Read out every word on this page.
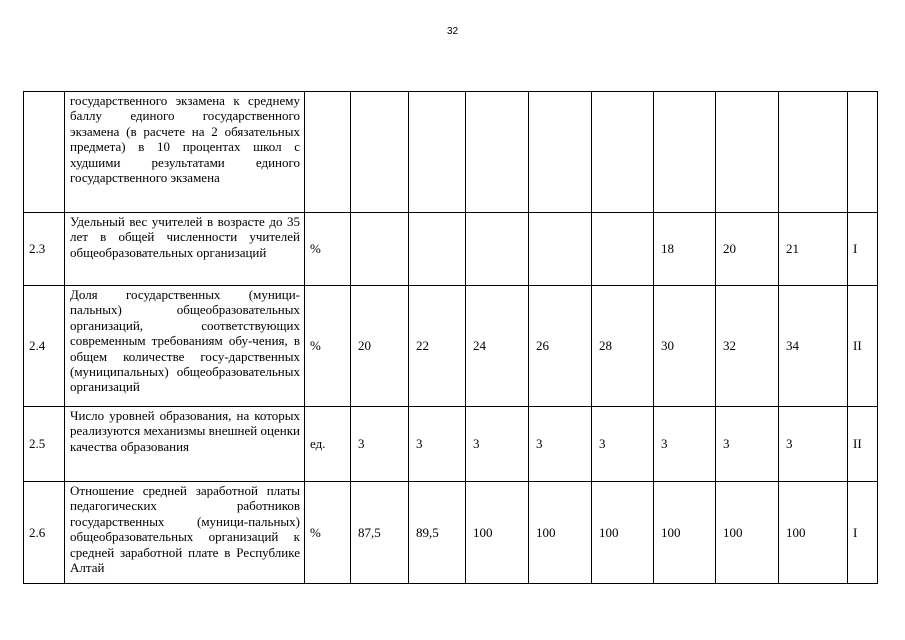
32
	государственного экзамена к среднему баллу единого государственного экзамена (в расчете на 2 обязательных предмета) в 10 процентах школ с худшими результатами единого государственного экзамена										
2.3	Удельный вес учителей в возрасте до 35 лет в общей численности учителей общеобразовательных организаций	%						18	20	21	I
2.4	Доля государственных (муници-пальных) общеобразовательных организаций, соответствующих современным требованиям обу-чения, в общем количестве госу-дарственных (муниципальных) общеобразовательных организаций	%	20	22	24	26	28	30	32	34	II
2.5	Число уровней образования, на которых реализуются механизмы внешней оценки качества образования	ед.	3	3	3	3	3	3	3	3	II
2.6	Отношение средней заработной платы педагогических работников государственных (муници-пальных) общеобразовательных организаций к средней заработной плате в Республике Алтай	%	87,5	89,5	100	100	100	100	100	100	I
